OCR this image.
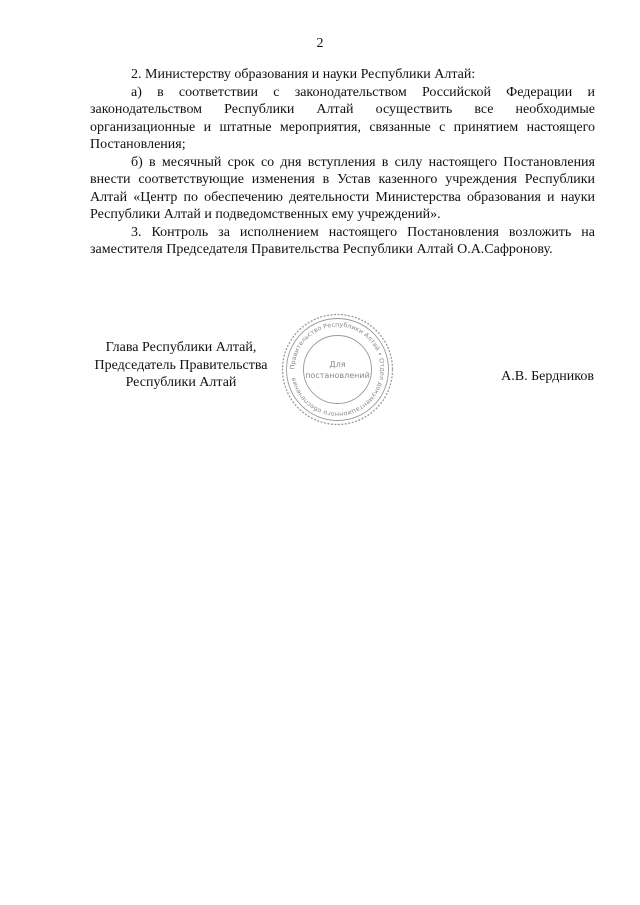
2

2. Министерству образования и науки Республики Алтай:

а) в соответствии с законодательством Российской Федерации и законодательством Республики Алтай осуществить все необходимые организационные и штатные мероприятия, связанные с принятием настоящего Постановления;

б) в месячный срок со дня вступления в силу настоящего Постановления внести соответствующие изменения в Устав казенного учреждения Республики Алтай «Центр по обеспечению деятельности Министерства образования и науки Республики Алтай и подведомственных ему учреждений».

3. Контроль за исполнением настоящего Постановления возложить на заместителя Председателя Правительства Республики Алтай О.А.Сафронову.

Глава Республики Алтай,
Председатель Правительства
Республики Алтай	А.В. Бердников
Правительство Республики Алтай • Отдел документационного обеспечения
Для
постановлений
